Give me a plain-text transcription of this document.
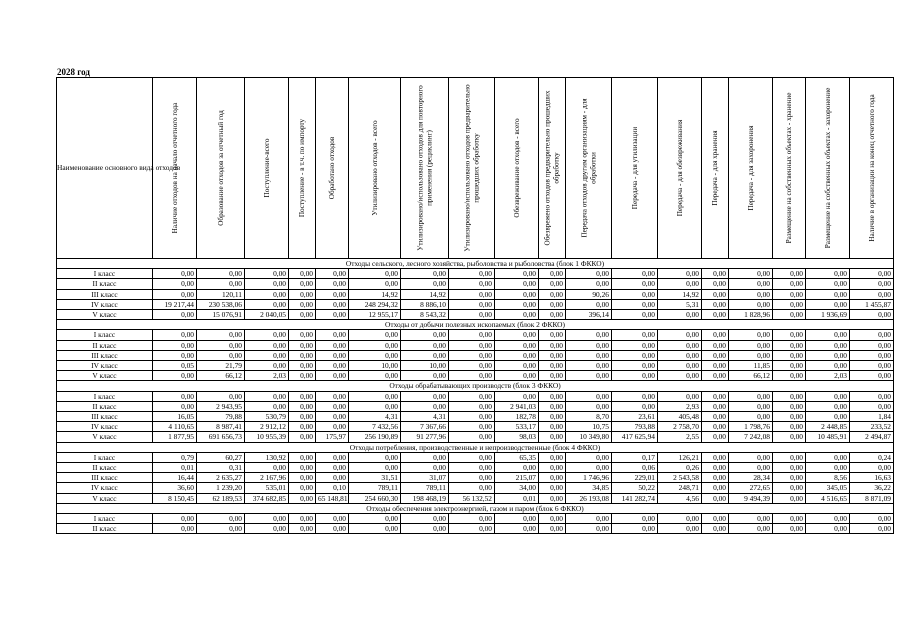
2028 год
Наименование основного вида отходов	Наличие отходов на начало отчетного года	Образование отходов за отчетный год	Поступление-всего	Поступление - в т.ч. по импорту	Обработано отходов	Утилизировано отходов - всего	Утилизировано/использовано отходов для повторного применения (рециклинг)	Утилизировано/использовано отходов предварительно прошедших обработку	Обезвреживание отходов - всего	Обезврежено отходов предварительно прошедших обработку	Передача отходов другим организациям - для обработки	Передача - для утилизации	Передача - для обезвреживания	Передача - для хранения	Передача - для захоронения	Размещение на собственных объектах - хранение	Размещение на собственных объектах - захоронение	Наличие в организации на конец отчетного года

Отходы сельского, лесного хозяйства, рыболовства и рыболовства (блок 1 ФККО)																		
I класс	0,00	0,00	0,00	0,00	0,00	0,00	0,00	0,00	0,00	0,00	0,00	0,00	0,00	0,00	0,00	0,00	0,00	0,00
II класс	0,00	0,00	0,00	0,00	0,00	0,00	0,00	0,00	0,00	0,00	0,00	0,00	0,00	0,00	0,00	0,00	0,00	0,00
III класс	0,00	120,11	0,00	0,00	0,00	14,92	14,92	0,00	0,00	0,00	90,26	0,00	14,92	0,00	0,00	0,00	0,00	0,00
IV класс	19 217,44	230 538,06	0,00	0,00	0,00	248 294,32	8 886,10	0,00	0,00	0,00	0,00	0,00	5,31	0,00	0,00	0,00	0,00	1 455,87
V класс	0,00	15 076,91	2 040,05	0,00	0,00	12 955,17	8 543,32	0,00	0,00	0,00	396,14	0,00	0,00	0,00	1 828,96	0,00	1 936,69	0,00
Отходы от добычи полезных ископаемых (блок 2 ФККО)																		
I класс	0,00	0,00	0,00	0,00	0,00	0,00	0,00	0,00	0,00	0,00	0,00	0,00	0,00	0,00	0,00	0,00	0,00	0,00
II класс	0,00	0,00	0,00	0,00	0,00	0,00	0,00	0,00	0,00	0,00	0,00	0,00	0,00	0,00	0,00	0,00	0,00	0,00
III класс	0,00	0,00	0,00	0,00	0,00	0,00	0,00	0,00	0,00	0,00	0,00	0,00	0,00	0,00	0,00	0,00	0,00	0,00
IV класс	0,05	21,79	0,00	0,00	0,00	10,00	10,00	0,00	0,00	0,00	0,00	0,00	0,00	0,00	11,85	0,00	0,00	0,00
V класс	0,00	66,12	2,03	0,00	0,00	0,00	0,00	0,00	0,00	0,00	0,00	0,00	0,00	0,00	66,12	0,00	2,03	0,00
Отходы обрабатывающих производств (блок 3 ФККО)																		
I класс	0,00	0,00	0,00	0,00	0,00	0,00	0,00	0,00	0,00	0,00	0,00	0,00	0,00	0,00	0,00	0,00	0,00	0,00
II класс	0,00	2 943,95	0,00	0,00	0,00	0,00	0,00	0,00	2 941,03	0,00	0,00	0,00	2,93	0,00	0,00	0,00	0,00	0,00
III класс	16,05	79,88	530,79	0,00	0,00	4,31	4,31	0,00	182,78	0,00	8,70	23,61	405,48	0,00	0,00	0,00	0,00	1,84
IV класс	4 110,65	8 987,41	2 912,12	0,00	0,00	7 432,56	7 367,66	0,00	533,17	0,00	10,75	793,88	2 758,70	0,00	1 798,76	0,00	2 448,85	233,52
V класс	1 877,95	691 656,73	10 955,39	0,00	175,97	256 190,89	91 277,96	0,00	98,03	0,00	10 349,80	417 625,94	2,55	0,00	7 242,08	0,00	10 485,91	2 494,87
Отходы потребления, производственные и непроизводственные (блок 4 ФККО)																		
I класс	0,79	60,27	130,92	0,00	0,00	0,00	0,00	0,00	65,35	0,00	0,00	0,17	126,21	0,00	0,00	0,00	0,00	0,24
II класс	0,01	0,31	0,00	0,00	0,00	0,00	0,00	0,00	0,00	0,00	0,00	0,06	0,26	0,00	0,00	0,00	0,00	0,00
III класс	16,44	2 635,27	2 167,96	0,00	0,00	31,51	31,07	0,00	215,07	0,00	1 746,96	229,01	2 543,58	0,00	28,34	0,00	8,56	16,63
IV класс	36,60	1 239,20	535,01	0,00	0,10	789,11	789,11	0,00	34,00	0,00	34,85	50,22	248,71	0,00	272,65	0,00	345,05	36,22
V класс	8 150,45	62 189,53	374 682,85	0,00	65 148,81	254 660,30	198 468,19	56 132,52	0,01	0,00	26 193,08	141 282,74	4,56	0,00	9 494,39	0,00	4 516,65	8 871,09
Отходы обеспечения электроэнергией, газом и паром (блок 6 ФККО)																		
I класс	0,00	0,00	0,00	0,00	0,00	0,00	0,00	0,00	0,00	0,00	0,00	0,00	0,00	0,00	0,00	0,00	0,00	0,00
II класс	0,00	0,00	0,00	0,00	0,00	0,00	0,00	0,00	0,00	0,00	0,00	0,00	0,00	0,00	0,00	0,00	0,00	0,00
